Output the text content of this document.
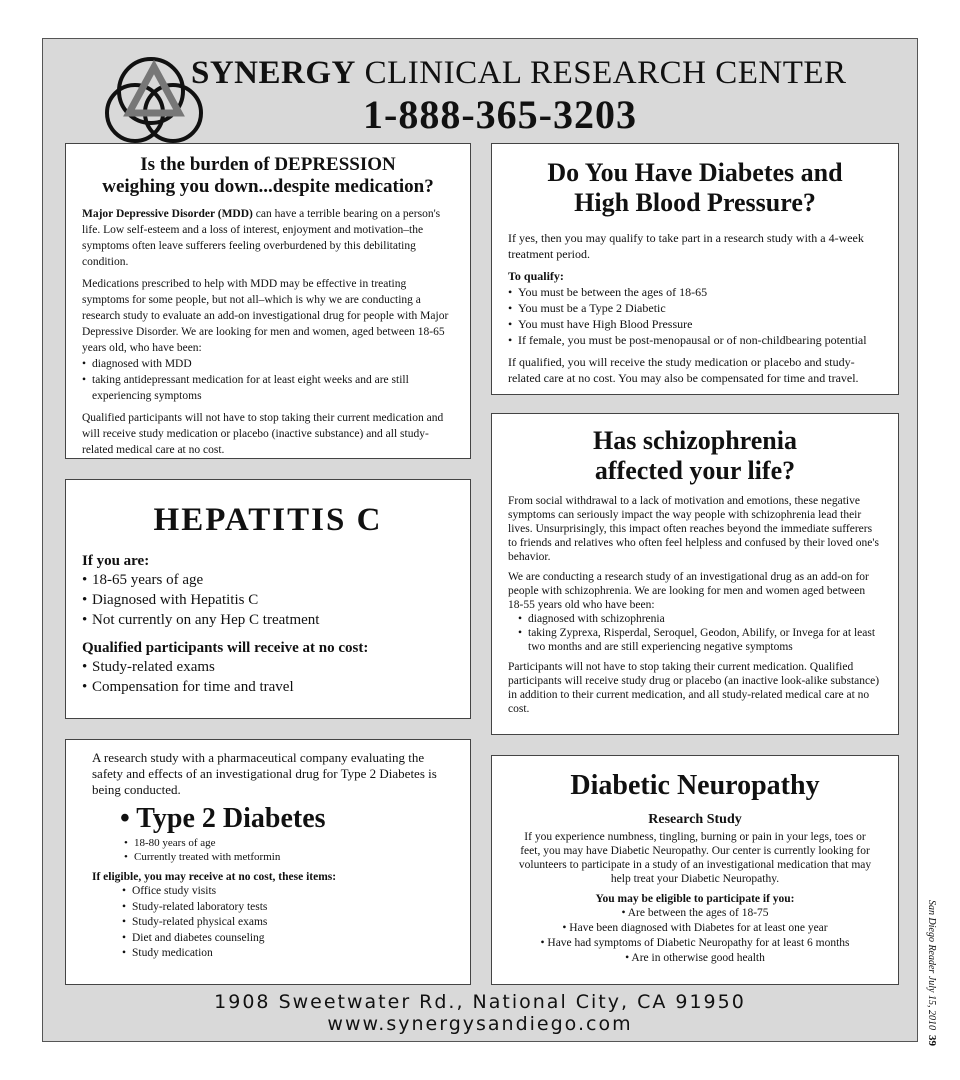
SYNERGY CLINICAL RESEARCH CENTER
1-888-365-3203
Is the burden of DEPRESSION
weighing you down...despite medication?

Major Depressive Disorder (MDD) can have a terrible bearing on a person's life. Low self-esteem and a loss of interest, enjoyment and motivation–the symptoms often leave sufferers feeling overburdened by this debilitating condition.

Medications prescribed to help with MDD may be effective in treating symptoms for some people, but not all–which is why we are conducting a research study to evaluate an add-on investigational drug for people with Major Depressive Disorder. We are looking for men and women, aged between 18-65 years old, who have been:

• diagnosed with MDD
• taking antidepressant medication for at least eight weeks and are still experiencing symptoms

Qualified participants will not have to stop taking their current medication and will receive study medication or placebo (inactive substance) and all study-related medical care at no cost.

Do You Have Diabetes and
High Blood Pressure?

If yes, then you may qualify to take part in a research study with a 4-week treatment period.

To qualify:
• You must be between the ages of 18-65
• You must be a Type 2 Diabetic
• You must have High Blood Pressure
• If female, you must be post-menopausal or of non-childbearing potential

If qualified, you will receive the study medication or placebo and study-related care at no cost. You may also be compensated for time and travel.

HEPATITIS C
If you are:
• 18-65 years of age
• Diagnosed with Hepatitis C
• Not currently on any Hep C treatment
Qualified participants will receive at no cost:
• Study-related exams
• Compensation for time and travel
Has schizophrenia
affected your life?

From social withdrawal to a lack of motivation and emotions, these negative symptoms can seriously impact the way people with schizophrenia lead their lives. Unsurprisingly, this impact often reaches beyond the immediate sufferers to friends and relatives who often feel helpless and confused by their loved one's behavior.

We are conducting a research study of an investigational drug as an add-on for people with schizophrenia. We are looking for men and women aged between 18-55 years old who have been:

• diagnosed with schizophrenia
• taking Zyprexa, Risperdal, Seroquel, Geodon, Abilify, or Invega for at least two months and are still experiencing negative symptoms

Participants will not have to stop taking their current medication. Qualified participants will receive study drug or placebo (an inactive look-alike substance) in addition to their current medication, and all study-related medical care at no cost.

A research study with a pharmaceutical company evaluating the safety and effects of an investigational drug for Type 2 Diabetes is being conducted.

• Type 2 Diabetes
• 18-80 years of age
• Currently treated with metformin
If eligible, you may receive at no cost, these items:
• Office study visits
• Study-related laboratory tests
• Study-related physical exams
• Diet and diabetes counseling
• Study medication
Diabetic Neuropathy
Research Study

If you experience numbness, tingling, burning or pain in your legs, toes or feet, you may have Diabetic Neuropathy. Our center is currently looking for volunteers to participate in a study of an investigational medication that may help treat your Diabetic Neuropathy.

You may be eligible to participate if you:
• Are between the ages of 18-75
• Have been diagnosed with Diabetes for at least one year
• Have had symptoms of Diabetic Neuropathy for at least 6 months
• Are in otherwise good health
1908 Sweetwater Rd., National City, CA 91950
www.synergysandiego.com	San Diego Reader July 15, 2010  39
